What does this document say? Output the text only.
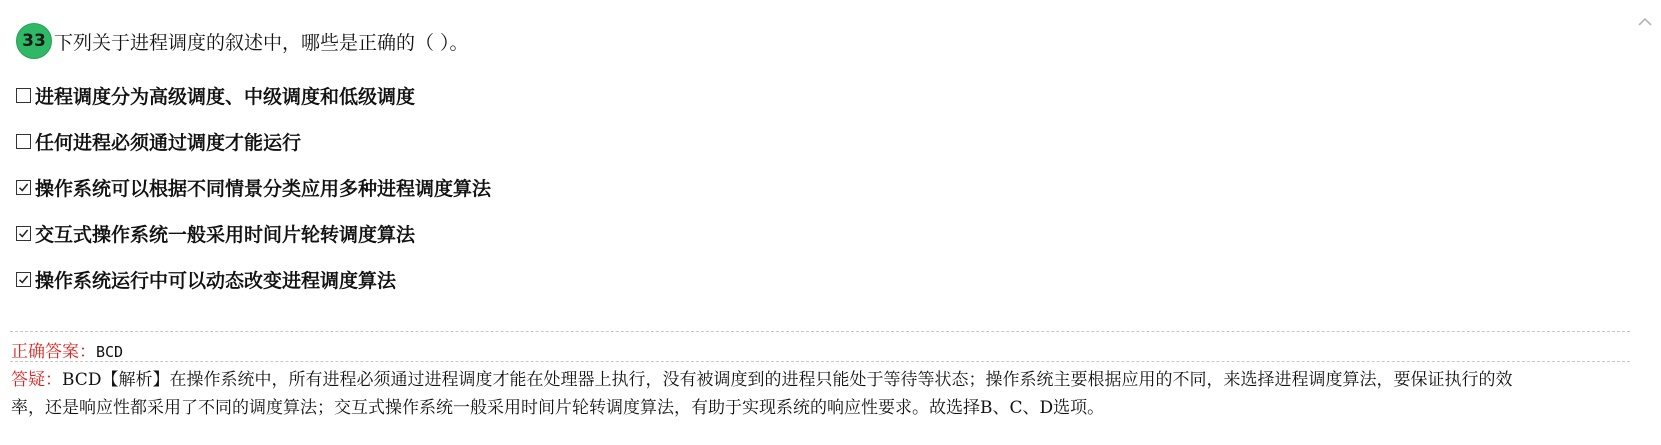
33 下列关于进程调度的叙述中，哪些是正确的（ ）。
进程调度分为高级调度、中级调度和低级调度
任何进程必须通过调度才能运行
操作系统可以根据不同情景分类应用多种进程调度算法
交互式操作系统一般采用时间片轮转调度算法
操作系统运行中可以动态改变进程调度算法
正确答案：BCD
答疑：BCD【解析】在操作系统中，所有进程必须通过进程调度才能在处理器上执行，没有被调度到的进程只能处于等待等状态；操作系统主要根据应用的不同，来选择进程调度算法，要保证执行的效率，还是响应性都采用了不同的调度算法；交互式操作系统一般采用时间片轮转调度算法，有助于实现系统的响应性要求。故选择B、C、D选项。
